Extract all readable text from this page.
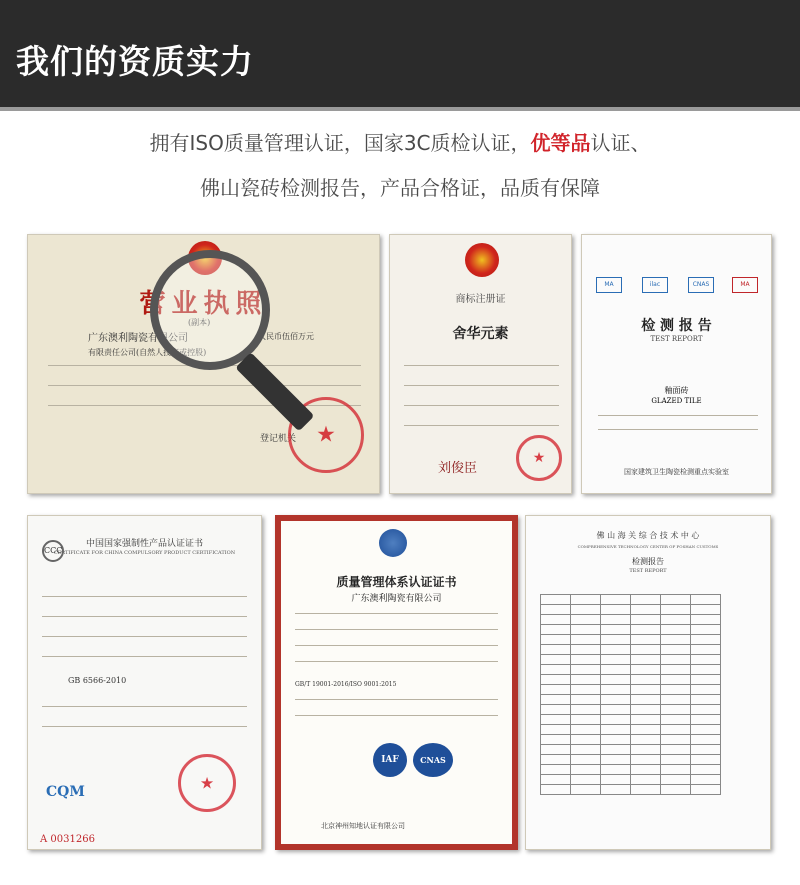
我们的资质实力
拥有ISO质量管理认证，国家3C质检认证，优等品认证、
佛山瓷砖检测报告，产品合格证，品质有保障
营业执照
(副本)
广东澳利陶瓷有限公司	人民币伍佰万元
有限责任公司(自然人投资或控股)
登记机关 ★
商标注册证
舍华元素
刘俊臣
★
MA	ilac	CNAS	MA
检 测 报 告
TEST REPORT
釉面砖
GLAZED TILE
国家建筑卫生陶瓷检测重点实验室
中国国家强制性产品认证证书
CERTIFICATE FOR CHINA COMPULSORY PRODUCT CERTIFICATION
CCC
GB 6566-2010
CQM	★
A 0031266
质量管理体系认证证书
广东澳利陶瓷有限公司
GB/T 19001-2016/ISO 9001:2015
IAF	CNAS
北京神州知地认证有限公司
佛 山 海 关 综 合 技 术 中 心
COMPREHENSIVE TECHNOLOGY CENTER OF FOSHAN CUSTOMS
检测报告
TEST REPORT
